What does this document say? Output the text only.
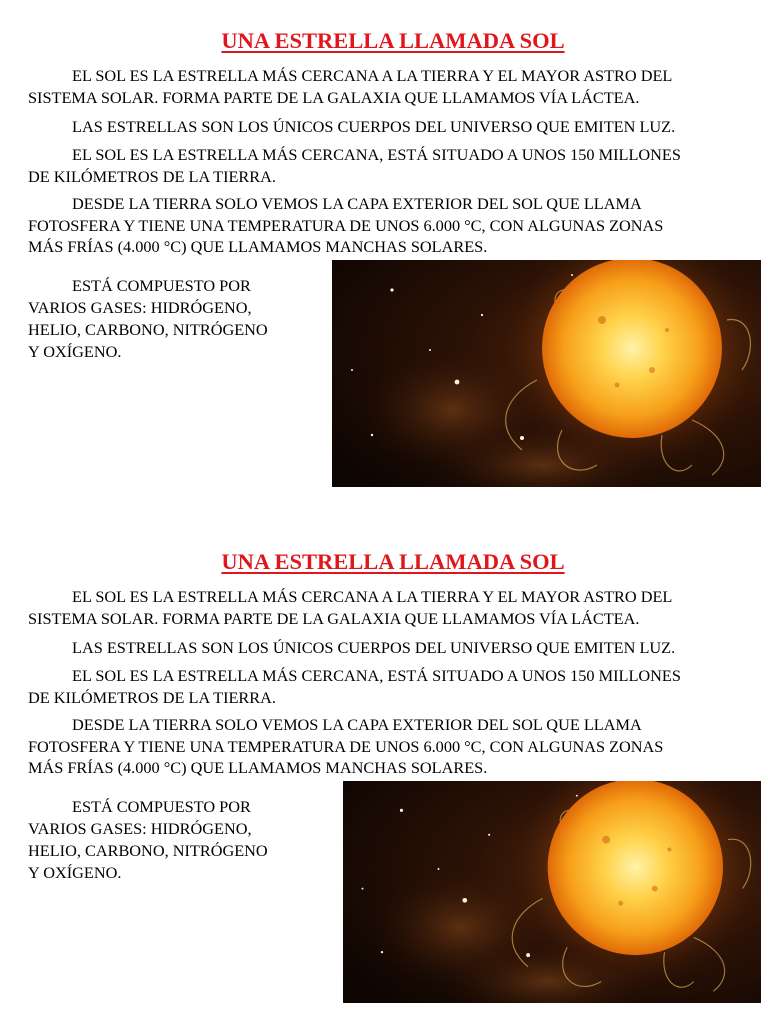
UNA ESTRELLA LLAMADA SOL

EL SOL ES LA ESTRELLA MÁS CERCANA A LA TIERRA Y EL MAYOR ASTRO DEL
SISTEMA SOLAR. FORMA PARTE DE LA GALAXIA QUE LLAMAMOS VÍA LÁCTEA.

LAS ESTRELLAS SON LOS ÚNICOS CUERPOS DEL UNIVERSO QUE EMITEN LUZ.

EL SOL ES LA ESTRELLA MÁS CERCANA, ESTÁ SITUADO A UNOS 150 MILLONES
DE KILÓMETROS DE LA TIERRA.

DESDE LA TIERRA SOLO VEMOS LA CAPA EXTERIOR DEL SOL QUE LLAMA
FOTOSFERA Y TIENE UNA TEMPERATURA DE UNOS 6.000 °C, CON ALGUNAS ZONAS
MÁS FRÍAS (4.000 °C) QUE LLAMAMOS MANCHAS SOLARES.

ESTÁ COMPUESTO POR
VARIOS GASES: HIDRÓGENO,
HELIO, CARBONO, NITRÓGENO
Y OXÍGENO.

UNA ESTRELLA LLAMADA SOL

EL SOL ES LA ESTRELLA MÁS CERCANA A LA TIERRA Y EL MAYOR ASTRO DEL
SISTEMA SOLAR. FORMA PARTE DE LA GALAXIA QUE LLAMAMOS VÍA LÁCTEA.

LAS ESTRELLAS SON LOS ÚNICOS CUERPOS DEL UNIVERSO QUE EMITEN LUZ.

EL SOL ES LA ESTRELLA MÁS CERCANA, ESTÁ SITUADO A UNOS 150 MILLONES
DE KILÓMETROS DE LA TIERRA.

DESDE LA TIERRA SOLO VEMOS LA CAPA EXTERIOR DEL SOL QUE LLAMA
FOTOSFERA Y TIENE UNA TEMPERATURA DE UNOS 6.000 °C, CON ALGUNAS ZONAS
MÁS FRÍAS (4.000 °C) QUE LLAMAMOS MANCHAS SOLARES.

ESTÁ COMPUESTO POR
VARIOS GASES: HIDRÓGENO,
HELIO, CARBONO, NITRÓGENO
Y OXÍGENO.
